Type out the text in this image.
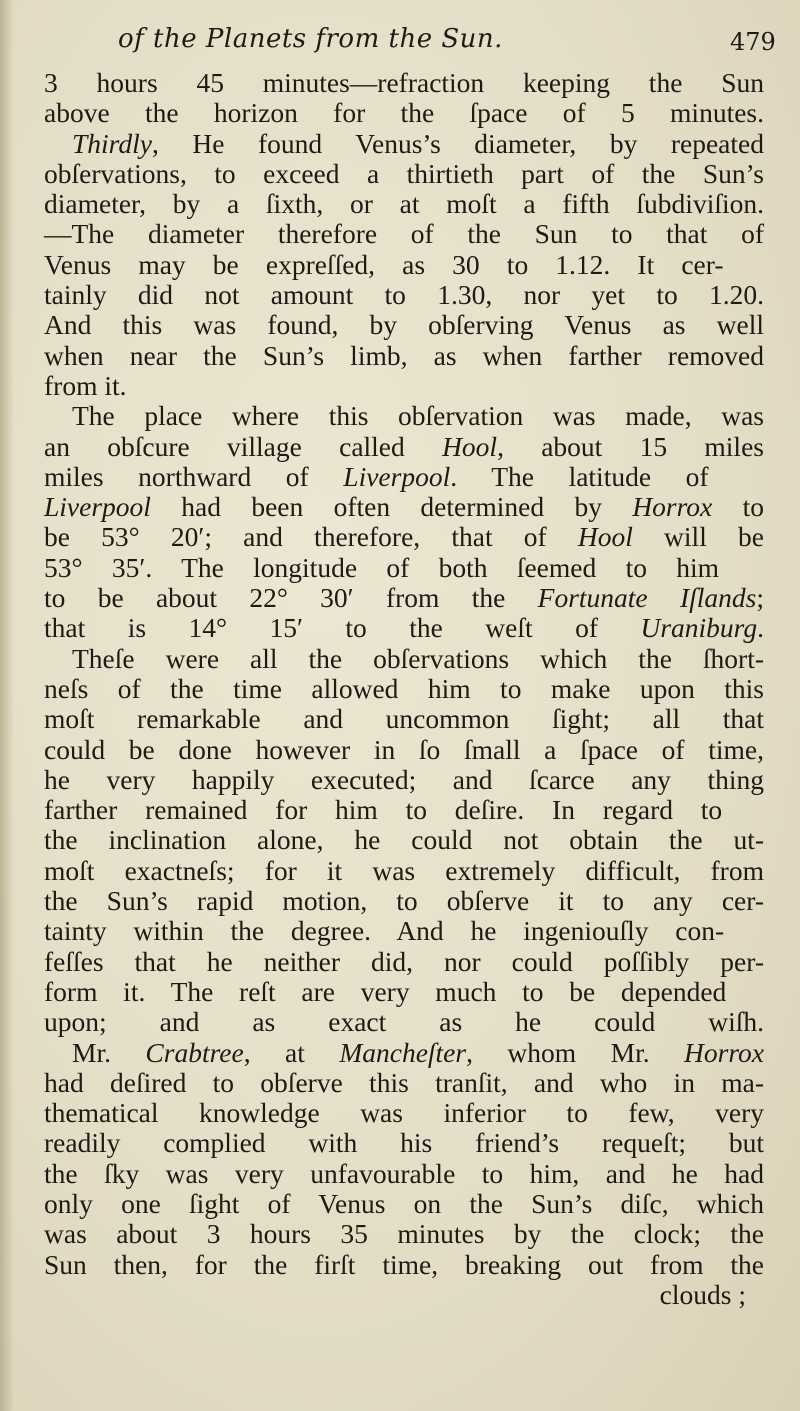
of the Planets from the Sun.	479
3 hours 45 minutes—refraction keeping the Sun
above the horizon for the ſpace of 5 minutes.
Thirdly, He found Venus’s diameter, by repeated
obſervations, to exceed a thirtieth part of the Sun’s
diameter, by a ſixth, or at moſt a fifth ſubdiviſion.
—The diameter therefore of the Sun to that of
Venus may be expreſſed, as 30 to 1.12. It cer-
tainly did not amount to 1.30, nor yet to 1.20.
And this was found, by obſerving Venus as well
when near the Sun’s limb, as when farther removed
from it.
The place where this obſervation was made, was
an obſcure village called Hool, about 15 miles
miles northward of Liverpool. The latitude of
Liverpool had been often determined by Horrox to
be 53° 20′; and therefore, that of Hool will be
53° 35′. The longitude of both ſeemed to him
to be about 22° 30′ from the Fortunate Iſlands;
that is 14° 15′ to the weſt of Uraniburg.
Theſe were all the obſervations which the ſhort-
neſs of the time allowed him to make upon this
moſt remarkable and uncommon ſight; all that
could be done however in ſo ſmall a ſpace of time,
he very happily executed; and ſcarce any thing
farther remained for him to deſire. In regard to
the inclination alone, he could not obtain the ut-
moſt exactneſs; for it was extremely difficult, from
the Sun’s rapid motion, to obſerve it to any cer-
tainty within the degree. And he ingeniouſly con-
feſſes that he neither did, nor could poſſibly per-
form it. The reſt are very much to be depended
upon; and as exact as he could wiſh.
Mr. Crabtree, at Mancheſter, whom Mr. Horrox
had deſired to obſerve this tranſit, and who in ma-
thematical knowledge was inferior to few, very
readily complied with his friend’s requeſt; but
the ſky was very unfavourable to him, and he had
only one ſight of Venus on the Sun’s diſc, which
was about 3 hours 35 minutes by the clock; the
Sun then, for the firſt time, breaking out from the
clouds ;
